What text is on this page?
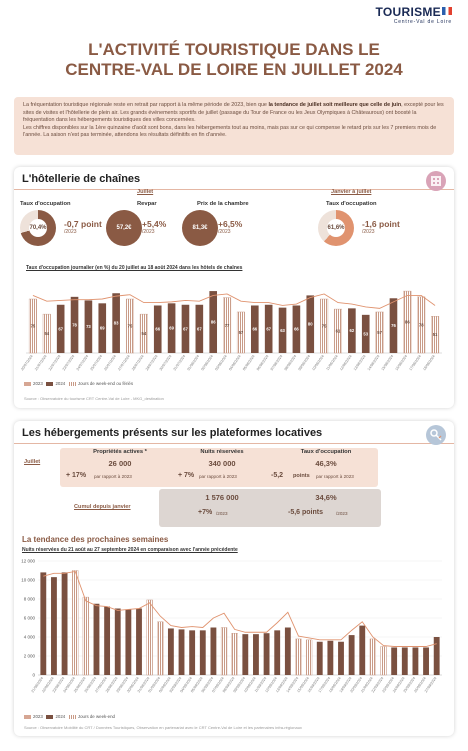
TOURISME
Centre-Val de Loire
L'ACTIVITÉ TOURISTIQUE DANS LE
CENTRE-VAL DE LOIRE EN JUILLET 2024

La fréquentation touristique régionale reste en retrait par rapport à la même période de 2023, bien que la tendance de juillet soit meilleure que celle de juin, excepté pour les sites de visites et l'hôtellerie de plein air. Les grands événements sportifs de juillet (passage du Tour de France ou les Jeux Olympiques à Châteauroux) ont boosté la fréquentation dans les hébergements touristiques des villes concernées.

Les chiffres disponibles sur la 1ère quinzaine d'août sont bons, dans les hébergements tout au moins, mais pas sur ce qui compense le retard pris sur les 7 premiers mois de l'année. La saison n'est pas terminée, attendons les résultats définitifs en fin d'année.

L'hôtellerie de chaînes
Juillet	Janvier à juillet
Taux d'occupation	Revpar	Prix de la chambre	Taux d'occupation
70,4%	-0,7 point
/2023
57,2€	+5,4%
/2023
81,3€	+6,5%
/2023
61,6%	-1,6 point
/2023
Taux d'occupation journalier (en %) du 20 juillet au 18 août 2024 dans les hôtels de chaînes
75
20/07/2024
54
21/07/2024
67
22/07/2024
78
23/07/2024
73
24/07/2024
69
25/07/2024
83
26/07/2024
75
27/07/2024
54
28/07/2024
66
29/07/2024
69
30/07/2024
67
31/07/2024
67
01/08/2024
86
02/08/2024
77
03/08/2024
57
04/08/2024
66
05/08/2024
67
06/08/2024
63
07/08/2024
66
08/08/2024
80
09/08/2024
75
10/08/2024
61
11/08/2024
62
12/08/2024
53
13/08/2024
57
14/08/2024
76
15/08/2024
86
16/08/2024
78
17/08/2024
51
18/08/2024
2023	2024	Jours de week-end ou fériés
Source : Observatoire du tourisme CRT Centre-Val de Loire - MKG_destination
Les hébergements présents sur les plateformes locatives
Juillet
Propriétés actives *	Nuits réservées	Taux d'occupation
26 000	340 000	46,3%
+ 17% par rapport à 2023	+ 7% par rapport à 2023	-5,2 points par rapport à 2023
Cumul depuis janvier
1 576 000	34,6%
+7% /2023	-5,6 points	/2023
La tendance des prochaines semaines
Nuits réservées du 21 août au 27 septembre 2024 en comparaison avec l'année précédente
0
2 000
4 000
6 000
8 000
10 000
12 000
21/08/2024
22/08/2024
23/08/2024
24/08/2024
25/08/2024
26/08/2024
27/08/2024
28/08/2024
29/08/2024
30/08/2024
31/08/2024
01/09/2024
02/09/2024
03/09/2024
04/09/2024
05/09/2024
06/09/2024
07/09/2024
08/09/2024
09/09/2024
10/09/2024
11/09/2024
12/09/2024
13/09/2024
14/09/2024
15/09/2024
16/09/2024
17/09/2024
18/09/2024
19/09/2024
20/09/2024
21/09/2024
22/09/2024
23/09/2024
24/09/2024
25/09/2024
26/09/2024
27/09/2024
2023	2024	Jours de week-end
Source : Observatoire Mobilité du CRT / Données Touristiques, Observation en partenariat avec le CRT Centre-Val de Loire et les partenaires infra-régionaux
